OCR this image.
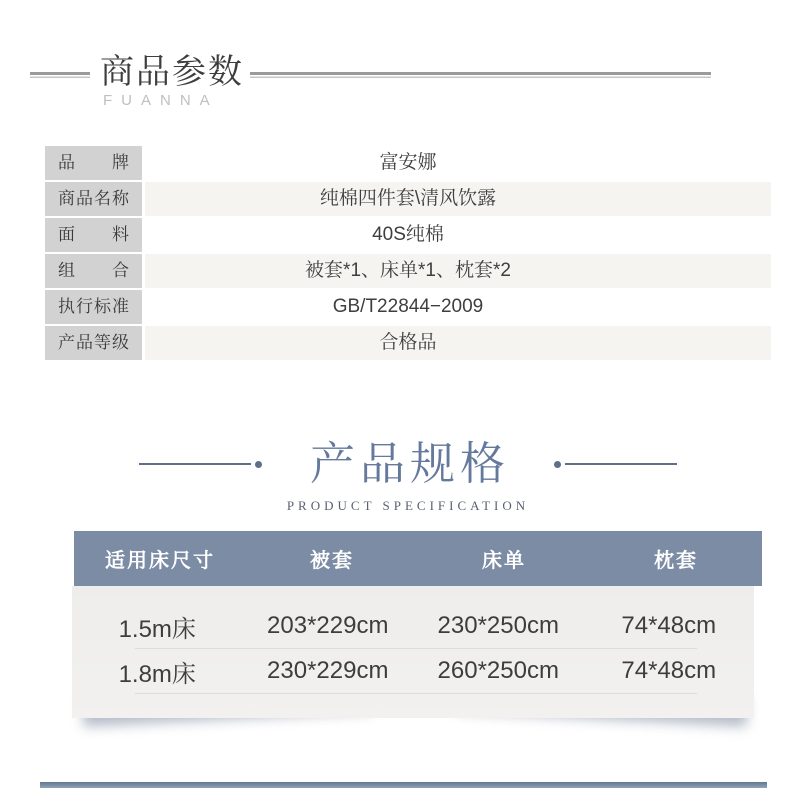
商品参数
FUANNA
品牌	富安娜
商品名称	纯棉四件套\清风饮露
面料	40S纯棉
组合	被套*1、床单*1、枕套*2
执行标准	GB/T22844−2009
产品等级	合格品
产品规格
PRODUCT SPECIFICATION
适用床尺寸	被套	床单	枕套
1.5m床	203*229cm	230*250cm	74*48cm
1.8m床	230*229cm	260*250cm	74*48cm
